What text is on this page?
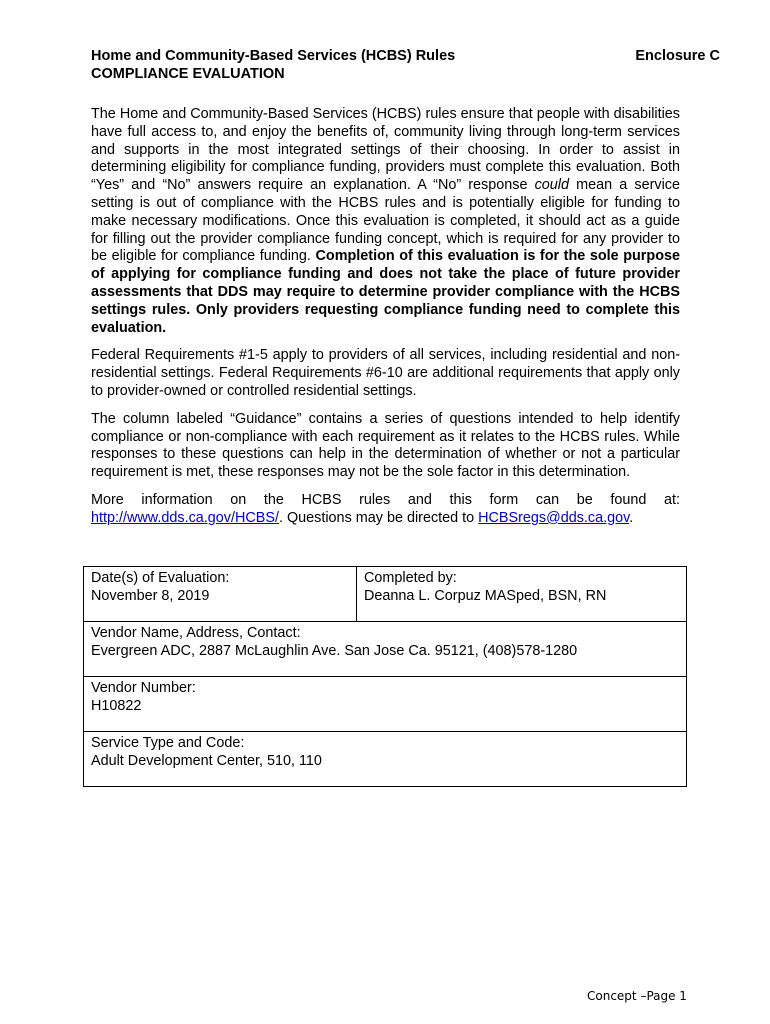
Home and Community-Based Services (HCBS) Rules
COMPLIANCE EVALUATION
Enclosure C

The Home and Community-Based Services (HCBS) rules ensure that people with disabilities have full access to, and enjoy the benefits of, community living through long-term services and supports in the most integrated settings of their choosing. In order to assist in determining eligibility for compliance funding, providers must complete this evaluation. Both “Yes” and “No” answers require an explanation. A “No” response could mean a service setting is out of compliance with the HCBS rules and is potentially eligible for funding to make necessary modifications. Once this evaluation is completed, it should act as a guide for filling out the provider compliance funding concept, which is required for any provider to be eligible for compliance funding. Completion of this evaluation is for the sole purpose of applying for compliance funding and does not take the place of future provider assessments that DDS may require to determine provider compliance with the HCBS settings rules. Only providers requesting compliance funding need to complete this evaluation.

Federal Requirements #1-5 apply to providers of all services, including residential and non-residential settings. Federal Requirements #6-10 are additional requirements that apply only to provider-owned or controlled residential settings.

The column labeled “Guidance” contains a series of questions intended to help identify compliance or non-compliance with each requirement as it relates to the HCBS rules. While responses to these questions can help in the determination of whether or not a particular requirement is met, these responses may not be the sole factor in this determination.

More information on the HCBS rules and this form can be found at: http://www.dds.ca.gov/HCBS/. Questions may be directed to HCBSregs@dds.ca.gov.

Date(s) of Evaluation:
November 8, 2019

Completed by:
Deanna L. Corpuz MASped, BSN, RN

Vendor Name, Address, Contact:
Evergreen ADC, 2887 McLaughlin Ave. San Jose Ca. 95121, (408)578-1280

Vendor Number:
H10822

Service Type and Code:
Adult Development Center, 510, 110
Concept –Page 1
